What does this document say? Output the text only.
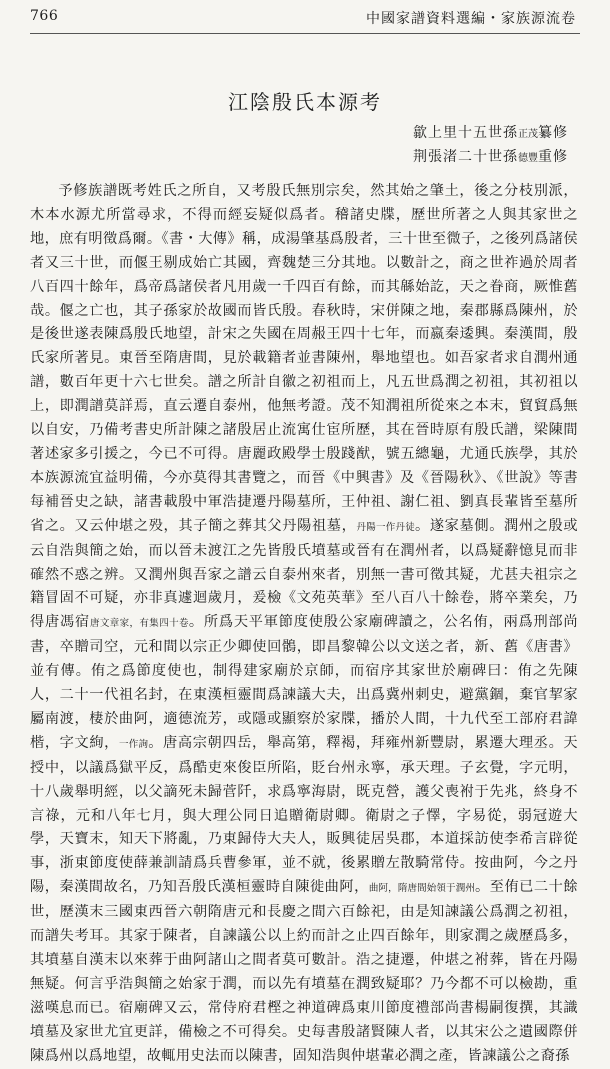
766	中國家譜資料選編・家族源流卷
江陰殷氏本源考
歙上里十五世孫正茂纂修
荆張渚二十世孫德豐重修
予修族譜既考姓氏之所自，又考殷氏無別宗矣，然其始之肇土，後之分枝別派，木本水源尤所當尋求，不得而經妄疑似爲者。稽諸史牒，歷世所著之人與其家世之地，庶有明徵爲爾。《書・大傳》稱，成湯肇基爲殷者，三十世至微子，之後列爲諸侯者又三十世，而偃王剔成始亡其國，齊魏楚三分其地。以數計之，商之世祚過於周者八百四十餘年，爲帝爲諸侯者凡用歲一千四百有餘，而其緜始訖，天之眷商，厥惟舊哉。偃之亡也，其子孫家於故國而皆氏殷。春秋時，宋併陳之地，秦郡縣爲陳州，於是後世遂表陳爲殷氏地望，計宋之失國在周赧王四十七年，而嬴秦逶興。秦漢間，殷氏家所著見。東晉至隋唐間，見於載籍者並書陳州，舉地望也。如吾家者求自潤州通譜，數百年更十六七世矣。譜之所計自徽之初祖而上，凡五世爲潤之初祖，其初祖以上，即潤譜莫詳焉，直云遷自泰州，他無考證。茂不知潤祖所從來之本末，貿貿爲無以自安，乃備考書史所計陳之諸殷居止流寓仕宦所歷，其在晉時原有殷氏譜，梁陳間著述家多引援之，今已不可得。唐麗政殿學士殷踐猷，號五總龜，尤通氏族學，其於本族源流宜益明備，今亦莫得其書覽之，而晉《中興書》及《晉陽秋》、《世說》等書每補晉史之缺，諸書載殷中軍浩捷遷丹陽墓所，王仲祖、謝仁祖、劉真長輩皆至墓所省之。又云仲堪之殁，其子簡之葬其父丹陽祖墓，丹陽一作丹徒。遂家墓側。潤州之殷或云自浩與簡之始，而以晉未渡江之先皆殷氏墳墓或晉有在潤州者，以爲疑辭憶見而非確然不惑之辨。又潤州與吾家之譜云自泰州來者，別無一書可徵其疑，尤甚夫祖宗之籍冒固不可疑，亦非真遽迴歲月，爰檢《文苑英華》至八百八十餘卷，將卒業矣，乃得唐馮宿唐文章家，有集四十卷。所爲天平軍節度使殷公家廟碑讀之，公名侑，兩爲刑部尚書，卒贈司空，元和間以宗正少卿使回鶻，即昌黎韓公以文送之者，新、舊《唐書》並有傳。侑之爲節度使也，制得建家廟於京師，而宿序其家世於廟碑曰：侑之先陳人，二十一代祖名封，在東漢桓靈間爲諫議大夫，出爲冀州刺史，避黨錮，棄官挈家屬南渡，棲於曲阿，適德流芳，或隱或顯察於家牒，播於人間，十九代至工部府君諱楷，字文絢，一作詢。唐高宗朝四岳，舉高第，釋褐，拜雍州新豐尉，累遷大理丞。天授中，以議爲獄平反，爲酷吏來俊臣所陷，貶台州永寧，承天理。子玄覺，字元明，十八歲舉明經，以父謫死未歸菅阡，求爲寧海尉，既克營，護父喪袝于先兆，終身不言祿，元和八年七月，與大理公同日追贈衛尉卿。衛尉之子懌，字易從，弱冠遊大學，天寶末，知天下將亂，乃東歸侍大夫人，販興徒居吳郡，本道採訪使李希言辟從事，浙東節度使薛兼訓請爲兵曹參軍，並不就，後累贈左散騎常侍。按曲阿，今之丹陽，秦漢間故名，乃知吾殷氏漢桓靈時自陳徙曲阿，曲阿，隋唐間始領于潤州。至侑已二十餘世，歷漢末三國東西晉六朝隋唐元和長慶之間六百餘祀，由是知諫議公爲潤之初祖，而譜失考耳。其家于陳者，自諫議公以上約而計之止四百餘年，則家潤之歲歷爲多，其墳墓自漢末以來葬于曲阿諸山之間者莫可數計。浩之捷遷，仲堪之袝葬，皆在丹陽無疑。何言乎浩與簡之始家于潤，而以先有墳墓在潤致疑耶？乃今都不可以檢勘，重滋嘆息而已。宿廟碑又云，常侍府君樫之神道碑爲東川節度禮部尚書楊嗣復撰，其識墳墓及家世尤宜更詳，備檢之不可得矣。史每書殷諸賢陳人者，以其宋公之遺國際併陳爲州以爲地望，故輒用史法而以陳書，固知浩與仲堪輩必潤之產，皆諫議公之裔孫
